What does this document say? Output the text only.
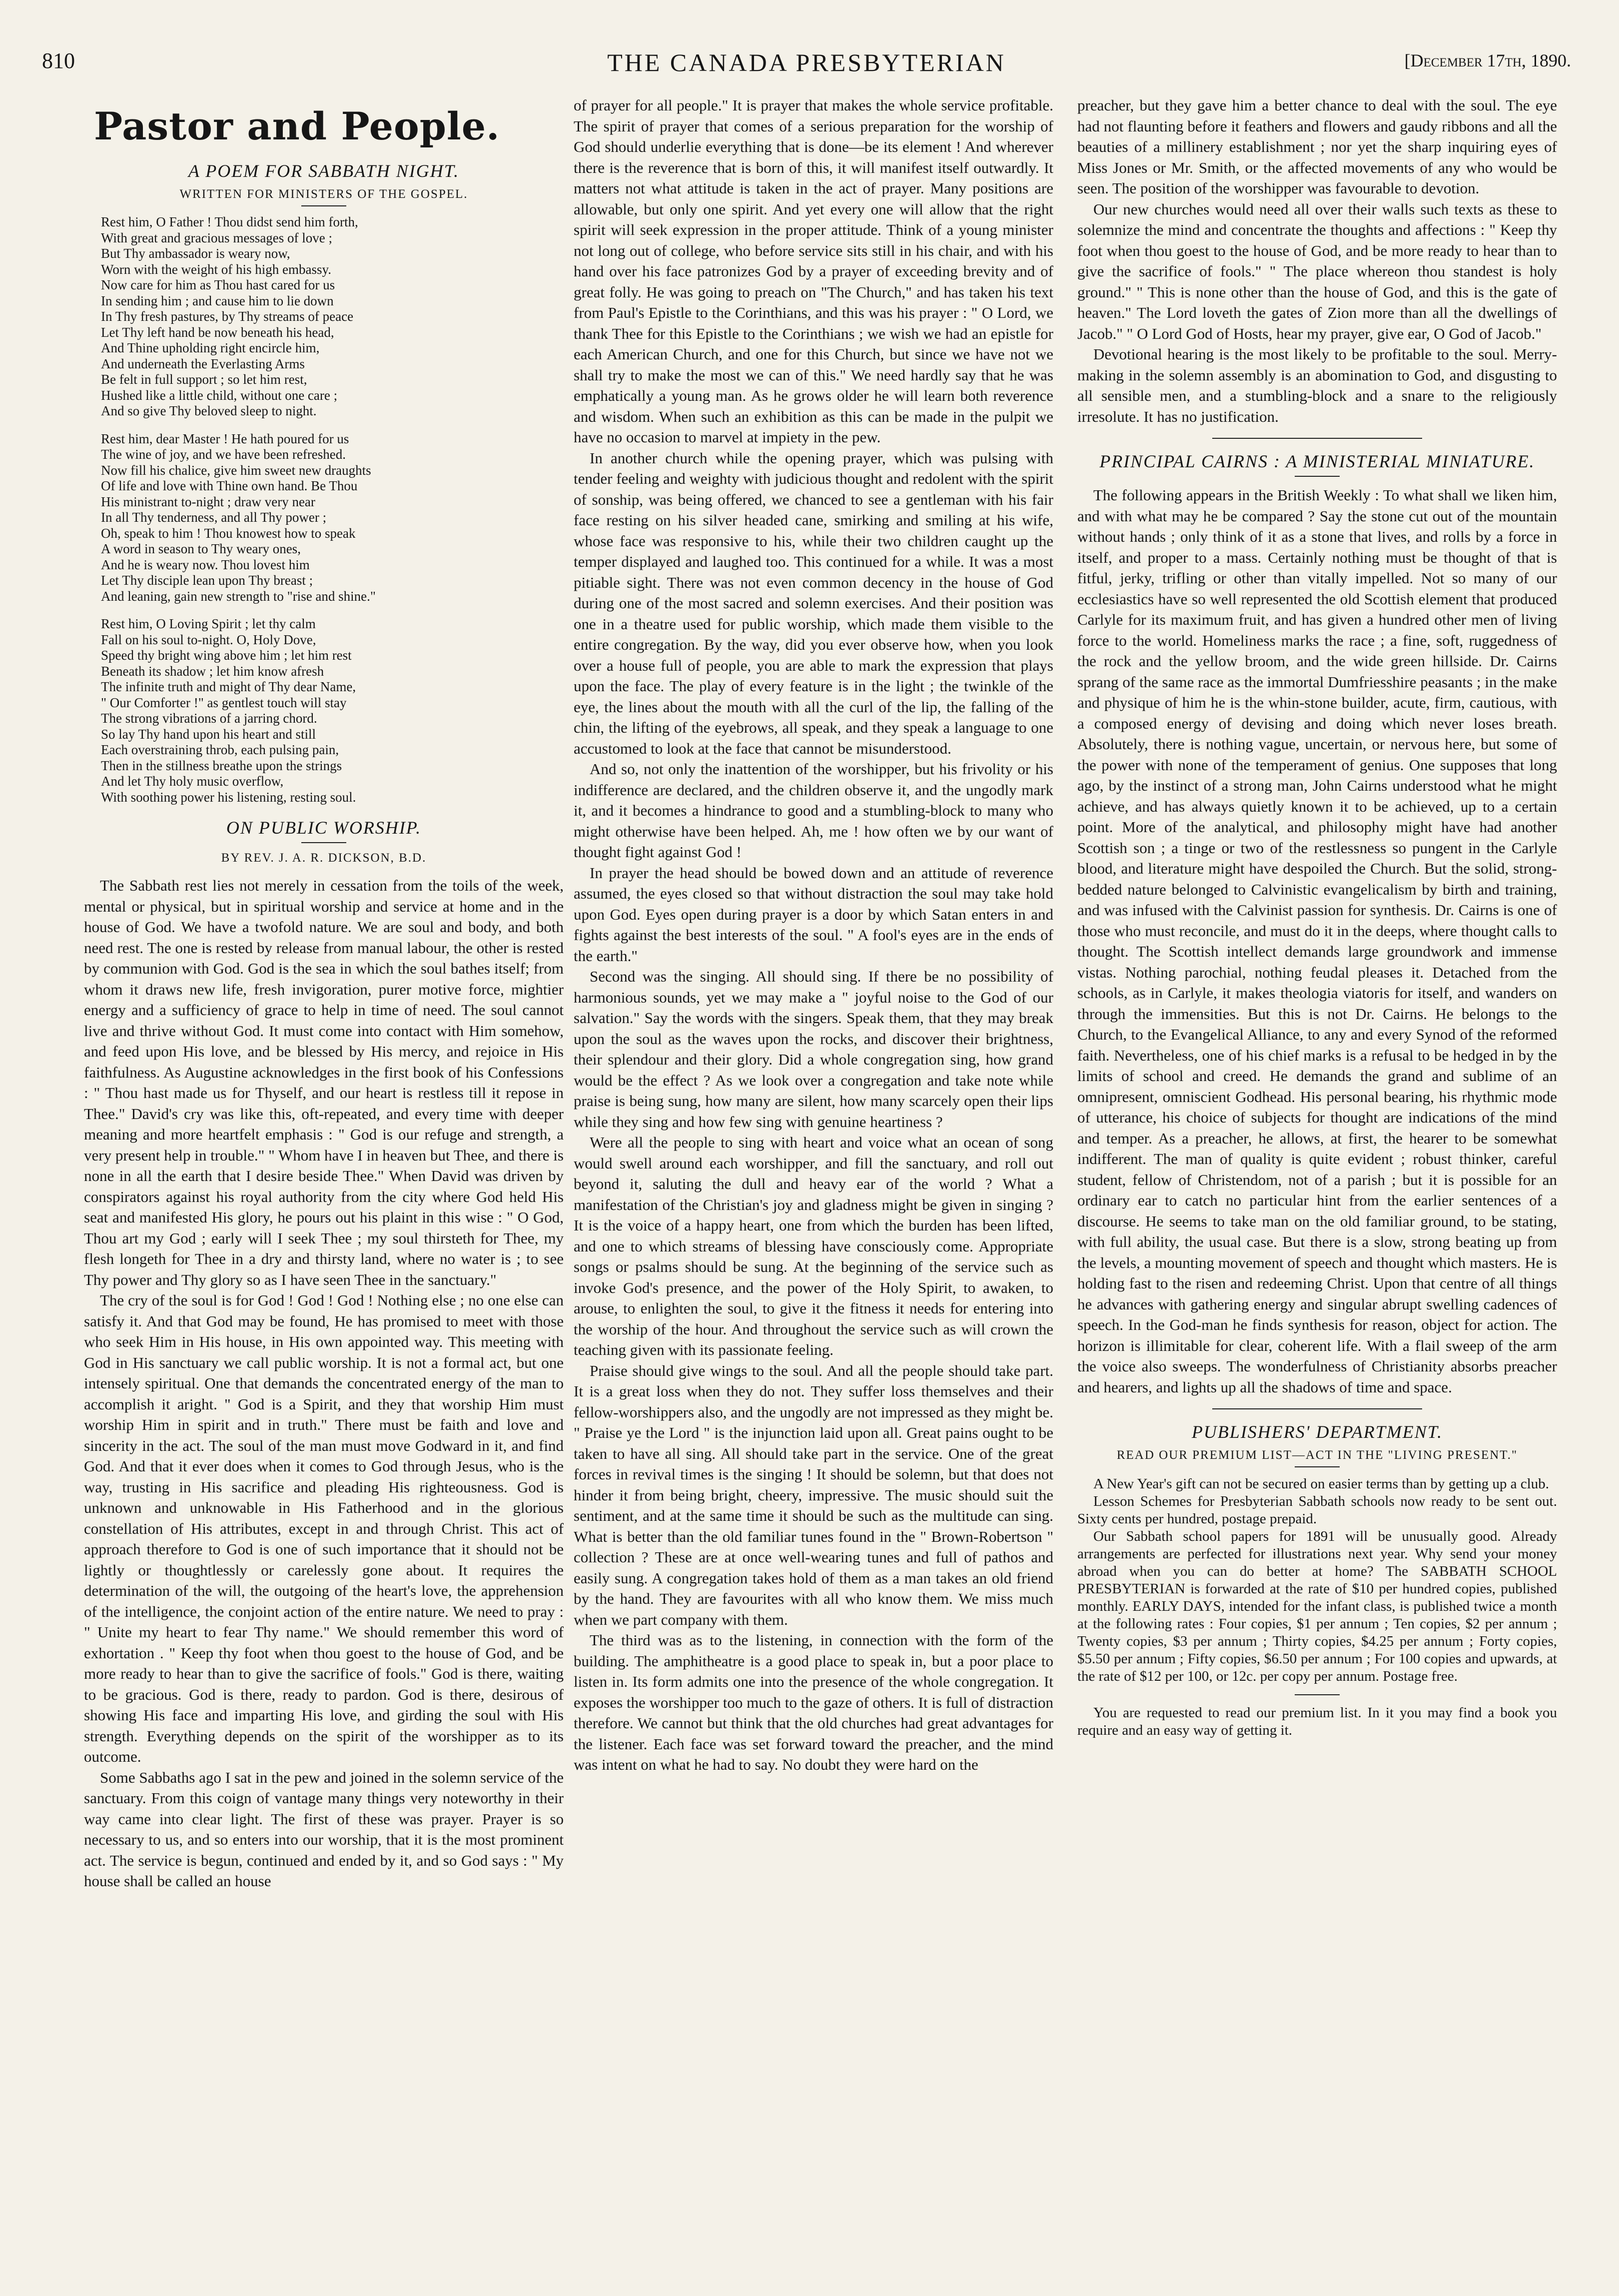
810	THE CANADA PRESBYTERIAN	[December 17th, 1890.
Pastor and People.
A POEM FOR SABBATH NIGHT.
WRITTEN FOR MINISTERS OF THE GOSPEL.
Rest him, O Father ! Thou didst send him forth,
With great and gracious messages of love ;
But Thy ambassador is weary now,
Worn with the weight of his high embassy.
Now care for him as Thou hast cared for us
In sending him ; and cause him to lie down
In Thy fresh pastures, by Thy streams of peace
Let Thy left hand be now beneath his head,
And Thine upholding right encircle him,
And underneath the Everlasting Arms
Be felt in full support ; so let him rest,
Hushed like a little child, without one care ;
And so give Thy beloved sleep to night.
Rest him, dear Master ! He hath poured for us
The wine of joy, and we have been refreshed.
Now fill his chalice, give him sweet new draughts
Of life and love with Thine own hand. Be Thou
His ministrant to-night ; draw very near
In all Thy tenderness, and all Thy power ;
Oh, speak to him ! Thou knowest how to speak
A word in season to Thy weary ones,
And he is weary now. Thou lovest him
Let Thy disciple lean upon Thy breast ;
And leaning, gain new strength to "rise and shine."
Rest him, O Loving Spirit ; let thy calm
Fall on his soul to-night. O, Holy Dove,
Speed thy bright wing above him ; let him rest
Beneath its shadow ; let him know afresh
The infinite truth and might of Thy dear Name,
" Our Comforter !" as gentlest touch will stay
The strong vibrations of a jarring chord.
So lay Thy hand upon his heart and still
Each overstraining throb, each pulsing pain,
Then in the stillness breathe upon the strings
And let Thy holy music overflow,
With soothing power his listening, resting soul.
ON PUBLIC WORSHIP.
BY REV. J. A. R. DICKSON, B.D.

The Sabbath rest lies not merely in cessation from the toils of the week, mental or physical, but in spiritual worship and service at home and in the house of God. We have a twofold nature. We are soul and body, and both need rest. The one is rested by release from manual labour, the other is rested by communion with God. God is the sea in which the soul bathes itself; from whom it draws new life, fresh invigoration, purer motive force, mightier energy and a sufficiency of grace to help in time of need. The soul cannot live and thrive without God. It must come into contact with Him somehow, and feed upon His love, and be blessed by His mercy, and rejoice in His faithfulness. As Augustine acknowledges in the first book of his Confessions : " Thou hast made us for Thyself, and our heart is restless till it repose in Thee." David's cry was like this, oft-repeated, and every time with deeper meaning and more heartfelt emphasis : " God is our refuge and strength, a very present help in trouble." " Whom have I in heaven but Thee, and there is none in all the earth that I desire beside Thee." When David was driven by conspirators against his royal authority from the city where God held His seat and manifested His glory, he pours out his plaint in this wise : " O God, Thou art my God ; early will I seek Thee ; my soul thirsteth for Thee, my flesh longeth for Thee in a dry and thirsty land, where no water is ; to see Thy power and Thy glory so as I have seen Thee in the sanctuary."

The cry of the soul is for God ! God ! God ! Nothing else ; no one else can satisfy it. And that God may be found, He has promised to meet with those who seek Him in His house, in His own appointed way. This meeting with God in His sanctuary we call public worship. It is not a formal act, but one intensely spiritual. One that demands the concentrated energy of the man to accomplish it aright. " God is a Spirit, and they that worship Him must worship Him in spirit and in truth." There must be faith and love and sincerity in the act. The soul of the man must move Godward in it, and find God. And that it ever does when it comes to God through Jesus, who is the way, trusting in His sacrifice and pleading His righteousness. God is unknown and unknowable in His Fatherhood and in the glorious constellation of His attributes, except in and through Christ. This act of approach therefore to God is one of such importance that it should not be lightly or thoughtlessly or carelessly gone about. It requires the determination of the will, the outgoing of the heart's love, the apprehension of the intelligence, the conjoint action of the entire nature. We need to pray : " Unite my heart to fear Thy name." We should remember this word of exhortation . " Keep thy foot when thou goest to the house of God, and be more ready to hear than to give the sacrifice of fools." God is there, waiting to be gracious. God is there, ready to pardon. God is there, desirous of showing His face and imparting His love, and girding the soul with His strength. Everything depends on the spirit of the worshipper as to its outcome.

Some Sabbaths ago I sat in the pew and joined in the solemn service of the sanctuary. From this coign of vantage many things very noteworthy in their way came into clear light. The first of these was prayer. Prayer is so necessary to us, and so enters into our worship, that it is the most prominent act. The service is begun, continued and ended by it, and so God says : " My house shall be called an house

of prayer for all people." It is prayer that makes the whole service profitable. The spirit of prayer that comes of a serious preparation for the worship of God should underlie everything that is done—be its element ! And wherever there is the reverence that is born of this, it will manifest itself outwardly. It matters not what attitude is taken in the act of prayer. Many positions are allowable, but only one spirit. And yet every one will allow that the right spirit will seek expression in the proper attitude. Think of a young minister not long out of college, who before service sits still in his chair, and with his hand over his face patronizes God by a prayer of exceeding brevity and of great folly. He was going to preach on "The Church," and has taken his text from Paul's Epistle to the Corinthians, and this was his prayer : " O Lord, we thank Thee for this Epistle to the Corinthians ; we wish we had an epistle for each American Church, and one for this Church, but since we have not we shall try to make the most we can of this." We need hardly say that he was emphatically a young man. As he grows older he will learn both reverence and wisdom. When such an exhibition as this can be made in the pulpit we have no occasion to marvel at impiety in the pew.

In another church while the opening prayer, which was pulsing with tender feeling and weighty with judicious thought and redolent with the spirit of sonship, was being offered, we chanced to see a gentleman with his fair face resting on his silver headed cane, smirking and smiling at his wife, whose face was responsive to his, while their two children caught up the temper displayed and laughed too. This continued for a while. It was a most pitiable sight. There was not even common decency in the house of God during one of the most sacred and solemn exercises. And their position was one in a theatre used for public worship, which made them visible to the entire congregation. By the way, did you ever observe how, when you look over a house full of people, you are able to mark the expression that plays upon the face. The play of every feature is in the light ; the twinkle of the eye, the lines about the mouth with all the curl of the lip, the falling of the chin, the lifting of the eyebrows, all speak, and they speak a language to one accustomed to look at the face that cannot be misunderstood.

And so, not only the inattention of the worshipper, but his frivolity or his indifference are declared, and the children observe it, and the ungodly mark it, and it becomes a hindrance to good and a stumbling-block to many who might otherwise have been helped. Ah, me ! how often we by our want of thought fight against God !

In prayer the head should be bowed down and an attitude of reverence assumed, the eyes closed so that without distraction the soul may take hold upon God. Eyes open during prayer is a door by which Satan enters in and fights against the best interests of the soul. " A fool's eyes are in the ends of the earth."

Second was the singing. All should sing. If there be no possibility of harmonious sounds, yet we may make a " joyful noise to the God of our salvation." Say the words with the singers. Speak them, that they may break upon the soul as the waves upon the rocks, and discover their brightness, their splendour and their glory. Did a whole congregation sing, how grand would be the effect ? As we look over a congregation and take note while praise is being sung, how many are silent, how many scarcely open their lips while they sing and how few sing with genuine heartiness ?

Were all the people to sing with heart and voice what an ocean of song would swell around each worshipper, and fill the sanctuary, and roll out beyond it, saluting the dull and heavy ear of the world ? What a manifestation of the Christian's joy and gladness might be given in singing ? It is the voice of a happy heart, one from which the burden has been lifted, and one to which streams of blessing have consciously come. Appropriate songs or psalms should be sung. At the beginning of the service such as invoke God's presence, and the power of the Holy Spirit, to awaken, to arouse, to enlighten the soul, to give it the fitness it needs for entering into the worship of the hour. And throughout the service such as will crown the teaching given with its passionate feeling.

Praise should give wings to the soul. And all the people should take part. It is a great loss when they do not. They suffer loss themselves and their fellow-worshippers also, and the ungodly are not impressed as they might be. " Praise ye the Lord " is the injunction laid upon all. Great pains ought to be taken to have all sing. All should take part in the service. One of the great forces in revival times is the singing ! It should be solemn, but that does not hinder it from being bright, cheery, impressive. The music should suit the sentiment, and at the same time it should be such as the multitude can sing. What is better than the old familiar tunes found in the " Brown-Robertson " collection ? These are at once well-wearing tunes and full of pathos and easily sung. A congregation takes hold of them as a man takes an old friend by the hand. They are favourites with all who know them. We miss much when we part company with them.

The third was as to the listening, in connection with the form of the building. The amphitheatre is a good place to speak in, but a poor place to listen in. Its form admits one into the presence of the whole congregation. It exposes the worshipper too much to the gaze of others. It is full of distraction therefore. We cannot but think that the old churches had great advantages for the listener. Each face was set forward toward the preacher, and the mind was intent on what he had to say. No doubt they were hard on the

preacher, but they gave him a better chance to deal with the soul. The eye had not flaunting before it feathers and flowers and gaudy ribbons and all the beauties of a millinery establishment ; nor yet the sharp inquiring eyes of Miss Jones or Mr. Smith, or the affected movements of any who would be seen. The position of the worshipper was favourable to devotion.

Our new churches would need all over their walls such texts as these to solemnize the mind and concentrate the thoughts and affections : " Keep thy foot when thou goest to the house of God, and be more ready to hear than to give the sacrifice of fools." " The place whereon thou standest is holy ground." " This is none other than the house of God, and this is the gate of heaven." The Lord loveth the gates of Zion more than all the dwellings of Jacob." " O Lord God of Hosts, hear my prayer, give ear, O God of Jacob."

Devotional hearing is the most likely to be profitable to the soul. Merry-making in the solemn assembly is an abomination to God, and disgusting to all sensible men, and a stumbling-block and a snare to the religiously irresolute. It has no justification.

PRINCIPAL CAIRNS : A MINISTERIAL MINIATURE.

The following appears in the British Weekly : To what shall we liken him, and with what may he be compared ? Say the stone cut out of the mountain without hands ; only think of it as a stone that lives, and rolls by a force in itself, and proper to a mass. Certainly nothing must be thought of that is fitful, jerky, trifling or other than vitally impelled. Not so many of our ecclesiastics have so well represented the old Scottish element that produced Carlyle for its maximum fruit, and has given a hundred other men of living force to the world. Homeliness marks the race ; a fine, soft, ruggedness of the rock and the yellow broom, and the wide green hillside. Dr. Cairns sprang of the same race as the immortal Dumfriesshire peasants ; in the make and physique of him he is the whin-stone builder, acute, firm, cautious, with a composed energy of devising and doing which never loses breath. Absolutely, there is nothing vague, uncertain, or nervous here, but some of the power with none of the temperament of genius. One supposes that long ago, by the instinct of a strong man, John Cairns understood what he might achieve, and has always quietly known it to be achieved, up to a certain point. More of the analytical, and philosophy might have had another Scottish son ; a tinge or two of the restlessness so pungent in the Carlyle blood, and literature might have despoiled the Church. But the solid, strong-bedded nature belonged to Calvinistic evangelicalism by birth and training, and was infused with the Calvinist passion for synthesis. Dr. Cairns is one of those who must reconcile, and must do it in the deeps, where thought calls to thought. The Scottish intellect demands large groundwork and immense vistas. Nothing parochial, nothing feudal pleases it. Detached from the schools, as in Carlyle, it makes theologia viatoris for itself, and wanders on through the immensities. But this is not Dr. Cairns. He belongs to the Church, to the Evangelical Alliance, to any and every Synod of the reformed faith. Nevertheless, one of his chief marks is a refusal to be hedged in by the limits of school and creed. He demands the grand and sublime of an omnipresent, omniscient Godhead. His personal bearing, his rhythmic mode of utterance, his choice of subjects for thought are indications of the mind and temper. As a preacher, he allows, at first, the hearer to be somewhat indifferent. The man of quality is quite evident ; robust thinker, careful student, fellow of Christendom, not of a parish ; but it is possible for an ordinary ear to catch no particular hint from the earlier sentences of a discourse. He seems to take man on the old familiar ground, to be stating, with full ability, the usual case. But there is a slow, strong beating up from the levels, a mounting movement of speech and thought which masters. He is holding fast to the risen and redeeming Christ. Upon that centre of all things he advances with gathering energy and singular abrupt swelling cadences of speech. In the God-man he finds synthesis for reason, object for action. The horizon is illimitable for clear, coherent life. With a flail sweep of the arm the voice also sweeps. The wonderfulness of Christianity absorbs preacher and hearers, and lights up all the shadows of time and space.

PUBLISHERS' DEPARTMENT.
READ OUR PREMIUM LIST—ACT IN THE "LIVING PRESENT."

A New Year's gift can not be secured on easier terms than by getting up a club.

Lesson Schemes for Presbyterian Sabbath schools now ready to be sent out. Sixty cents per hundred, postage prepaid.

Our Sabbath school papers for 1891 will be unusually good. Already arrangements are perfected for illustrations next year. Why send your money abroad when you can do better at home? The SABBATH SCHOOL PRESBYTERIAN is forwarded at the rate of $10 per hundred copies, published monthly. EARLY DAYS, intended for the infant class, is published twice a month at the following rates : Four copies, $1 per annum ; Ten copies, $2 per annum ; Twenty copies, $3 per annum ; Thirty copies, $4.25 per annum ; Forty copies, $5.50 per annum ; Fifty copies, $6.50 per annum ; For 100 copies and upwards, at the rate of $12 per 100, or 12c. per copy per annum. Postage free.

You are requested to read our premium list. In it you may find a book you require and an easy way of getting it.
